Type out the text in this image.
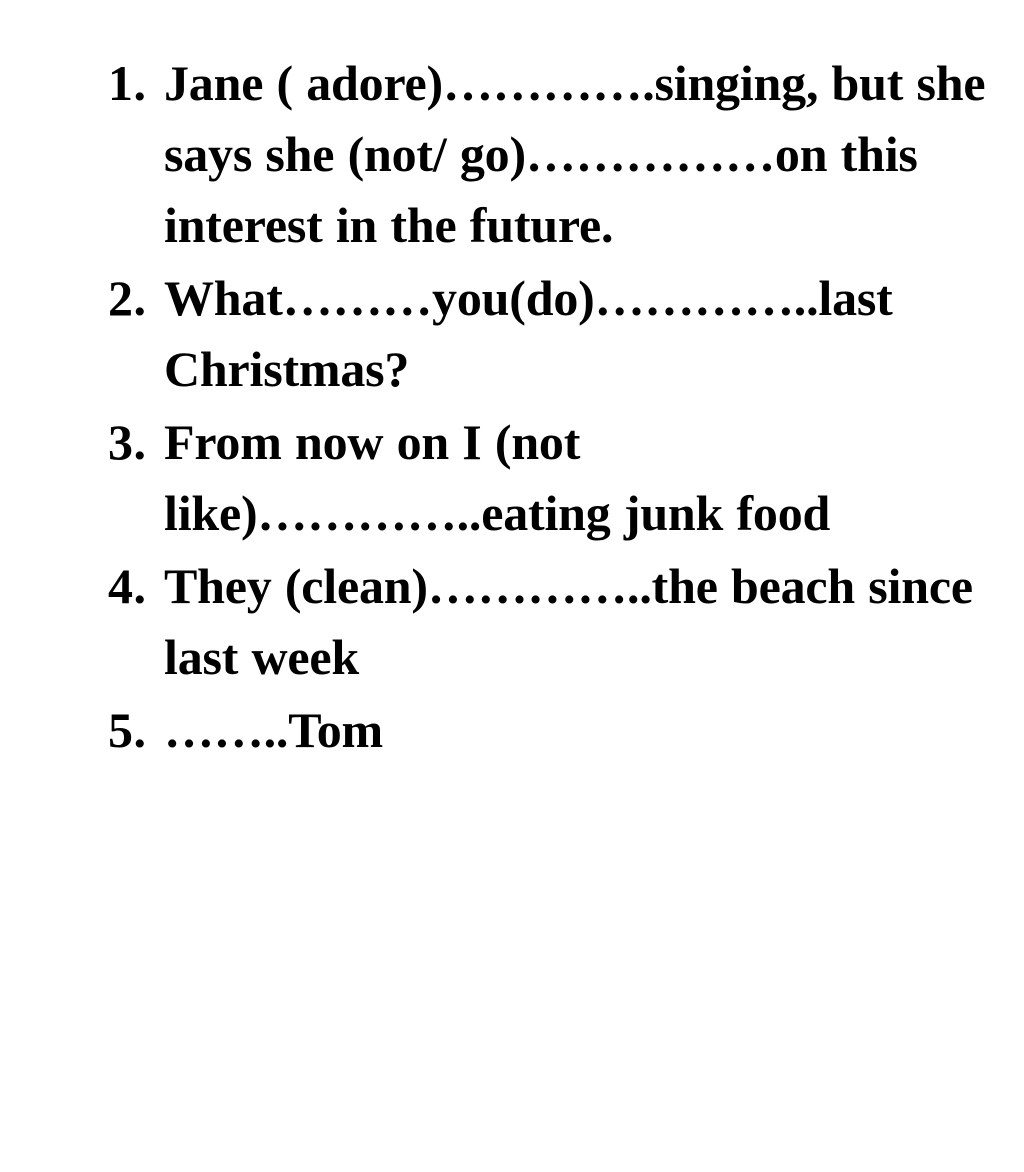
1. Jane ( adore)………….singing, but she says she (not/ go)……………on this interest in the future.
2. What………you(do)…………..last Christmas?
3. From now on I (not like)…………..eating junk food
4. They (clean)…………..the beach since last week
5. ……..Tom
